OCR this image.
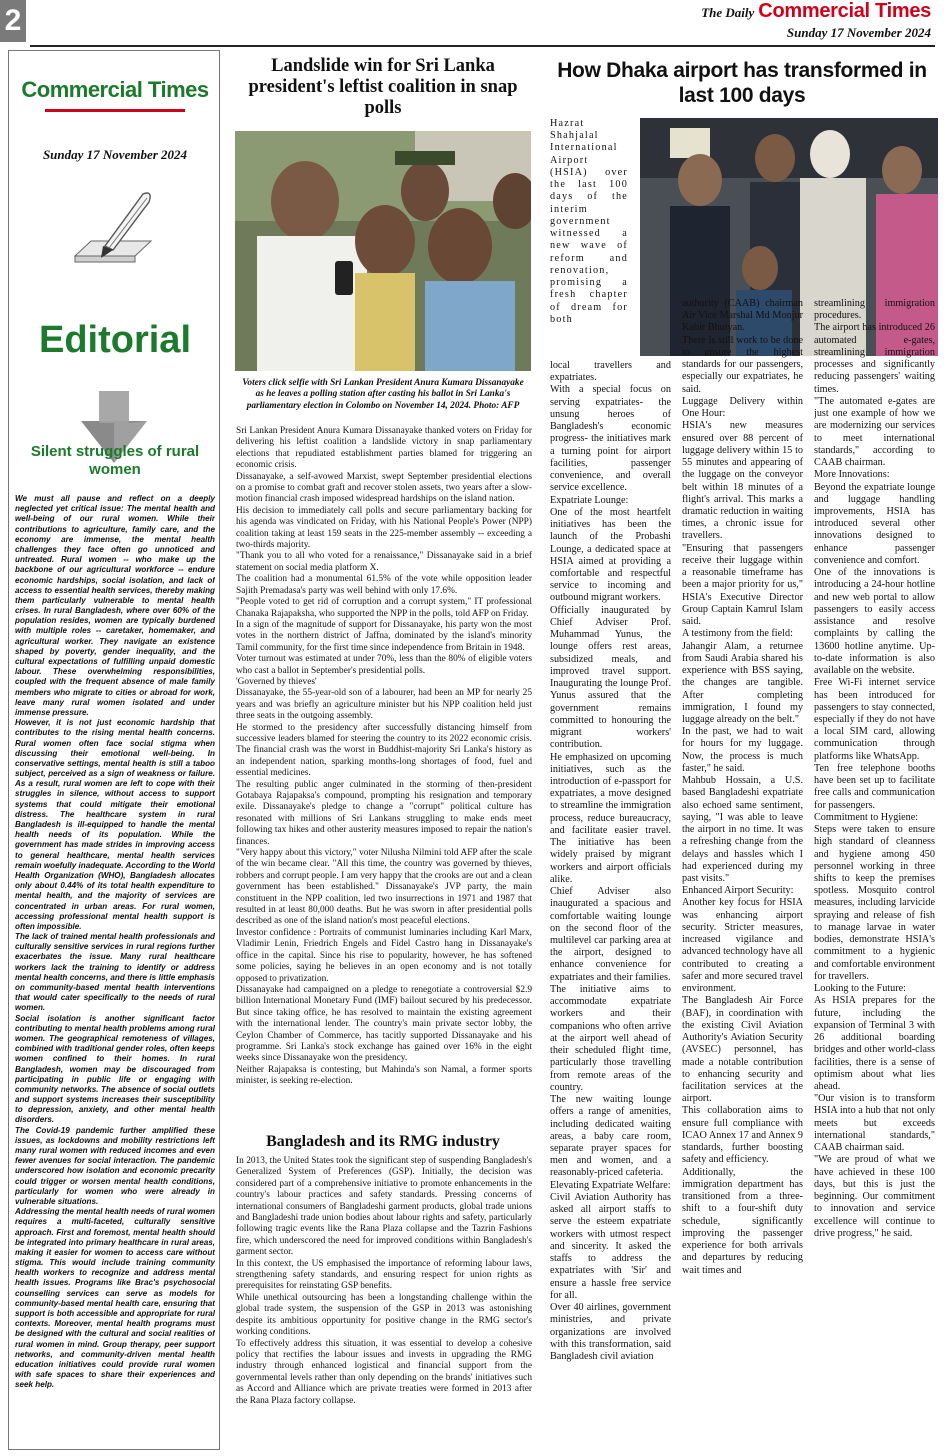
2	The Daily Commercial Times
Sunday 17 November 2024
Commercial Times
Sunday 17 November 2024
Editorial
Silent struggles of rural women

We must all pause and reflect on a deeply neglected yet critical issue: The mental health and well-being of our rural women. While their contributions to agriculture, family care, and the economy are immense, the mental health challenges they face often go unnoticed and untreated. Rural women -- who make up the backbone of our agricultural workforce -- endure economic hardships, social isolation, and lack of access to essential health services, thereby making them particularly vulnerable to mental health crises. In rural Bangladesh, where over 60% of the population resides, women are typically burdened with multiple roles -- caretaker, homemaker, and agricultural worker. They navigate an existence shaped by poverty, gender inequality, and the cultural expectations of fulfilling unpaid domestic labour. These overwhelming responsibilities, coupled with the frequent absence of male family members who migrate to cities or abroad for work, leave many rural women isolated and under immense pressure.

However, it is not just economic hardship that contributes to the rising mental health concerns. Rural women often face social stigma when discussing their emotional well-being. In conservative settings, mental health is still a taboo subject, perceived as a sign of weakness or failure. As a result, rural women are left to cope with their struggles in silence, without access to support systems that could mitigate their emotional distress. The healthcare system in rural Bangladesh is ill-equipped to handle the mental health needs of its population. While the government has made strides in improving access to general healthcare, mental health services remain woefully inadequate. According to the World Health Organization (WHO), Bangladesh allocates only about 0.44% of its total health expenditure to mental health, and the majority of services are concentrated in urban areas. For rural women, accessing professional mental health support is often impossible.

The lack of trained mental health professionals and culturally sensitive services in rural regions further exacerbates the issue. Many rural healthcare workers lack the training to identify or address mental health concerns, and there is little emphasis on community-based mental health interventions that would cater specifically to the needs of rural women.

Social isolation is another significant factor contributing to mental health problems among rural women. The geographical remoteness of villages, combined with traditional gender roles, often keeps women confined to their homes. In rural Bangladesh, women may be discouraged from participating in public life or engaging with community networks. The absence of social outlets and support systems increases their susceptibility to depression, anxiety, and other mental health disorders.

The Covid-19 pandemic further amplified these issues, as lockdowns and mobility restrictions left many rural women with reduced incomes and even fewer avenues for social interaction. The pandemic underscored how isolation and economic precarity could trigger or worsen mental health conditions, particularly for women who were already in vulnerable situations.

Addressing the mental health needs of rural women requires a multi-faceted, culturally sensitive approach. First and foremost, mental health should be integrated into primary healthcare in rural areas, making it easier for women to access care without stigma. This would include training community health workers to recognize and address mental health issues. Programs like Brac's psychosocial counselling services can serve as models for community-based mental health care, ensuring that support is both accessible and appropriate for rural contexts. Moreover, mental health programs must be designed with the cultural and social realities of rural women in mind. Group therapy, peer support networks, and community-driven mental health education initiatives could provide rural women with safe spaces to share their experiences and seek help.

Landslide win for Sri Lanka president's leftist coalition in snap polls
Voters click selfie with Sri Lankan President Anura Kumara Dissanayake as he leaves a polling station after casting his ballot in Sri Lanka's parliamentary election in Colombo on November 14, 2024. Photo: AFP

Sri Lankan President Anura Kumara Dissanayake thanked voters on Friday for delivering his leftist coalition a landslide victory in snap parliamentary elections that repudiated establishment parties blamed for triggering an economic crisis.

Dissanayake, a self-avowed Marxist, swept September presidential elections on a promise to combat graft and recover stolen assets, two years after a slow-motion financial crash imposed widespread hardships on the island nation.

His decision to immediately call polls and secure parliamentary backing for his agenda was vindicated on Friday, with his National People's Power (NPP) coalition taking at least 159 seats in the 225-member assembly -- exceeding a two-thirds majority.

"Thank you to all who voted for a renaissance," Dissanayake said in a brief statement on social media platform X.

The coalition had a monumental 61.5% of the vote while opposition leader Sajith Premadasa's party was well behind with only 17.6%.

"People voted to get rid of corruption and a corrupt system," IT professional Chanaka Rajapaksha, who supported the NPP in the polls, told AFP on Friday.

In a sign of the magnitude of support for Dissanayake, his party won the most votes in the northern district of Jaffna, dominated by the island's minority Tamil community, for the first time since independence from Britain in 1948.

Voter turnout was estimated at under 70%, less than the 80% of eligible voters who cast a ballot in September's presidential polls.

'Governed by thieves'

Dissanayake, the 55-year-old son of a labourer, had been an MP for nearly 25 years and was briefly an agriculture minister but his NPP coalition held just three seats in the outgoing assembly.

He stormed to the presidency after successfully distancing himself from successive leaders blamed for steering the country to its 2022 economic crisis. The financial crash was the worst in Buddhist-majority Sri Lanka's history as an independent nation, sparking months-long shortages of food, fuel and essential medicines.

The resulting public anger culminated in the storming of then-president Gotabaya Rajapaksa's compound, prompting his resignation and temporary exile. Dissanayake's pledge to change a "corrupt" political culture has resonated with millions of Sri Lankans struggling to make ends meet following tax hikes and other austerity measures imposed to repair the nation's finances.

"Very happy about this victory," voter Nilusha Nilmini told AFP after the scale of the win became clear. "All this time, the country was governed by thieves, robbers and corrupt people. I am very happy that the crooks are out and a clean government has been established." Dissanayake's JVP party, the main constituent in the NPP coalition, led two insurrections in 1971 and 1987 that resulted in at least 80,000 deaths. But he was sworn in after presidential polls described as one of the island nation's most peaceful elections.

Investor confidence : Portraits of communist luminaries including Karl Marx, Vladimir Lenin, Friedrich Engels and Fidel Castro hang in Dissanayake's office in the capital. Since his rise to popularity, however, he has softened some policies, saying he believes in an open economy and is not totally opposed to privatization.

Dissanayake had campaigned on a pledge to renegotiate a controversial $2.9 billion International Monetary Fund (IMF) bailout secured by his predecessor. But since taking office, he has resolved to maintain the existing agreement with the international lender. The country's main private sector lobby, the Ceylon Chamber of Commerce, has tacitly supported Dissanayake and his programme. Sri Lanka's stock exchange has gained over 16% in the eight weeks since Dissanayake won the presidency.

Neither Rajapaksa is contesting, but Mahinda's son Namal, a former sports minister, is seeking re-election.

Bangladesh and its RMG industry

In 2013, the United States took the significant step of suspending Bangladesh's Generalized System of Preferences (GSP). Initially, the decision was considered part of a comprehensive initiative to promote enhancements in the country's labour practices and safety standards. Pressing concerns of international consumers of Bangladeshi garment products, global trade unions and Bangladeshi trade union bodies about labour rights and safety, particularly following tragic events like the Rana Plaza collapse and the Tazrin Fashions fire, which underscored the need for improved conditions within Bangladesh's garment sector.

In this context, the US emphasised the importance of reforming labour laws, strengthening safety standards, and ensuring respect for union rights as prerequisites for reinstating GSP benefits.

While unethical outsourcing has been a longstanding challenge within the global trade system, the suspension of the GSP in 2013 was astonishing despite its ambitious opportunity for positive change in the RMG sector's working conditions.

To effectively address this situation, it was essential to develop a cohesive policy that rectifies the labour issues and invests in upgrading the RMG industry through enhanced logistical and financial support from the governmental levels rather than only depending on the brands' initiatives such as Accord and Alliance which are private treaties were formed in 2013 after the Rana Plaza factory collapse.

How Dhaka airport has transformed in last 100 days
Hazrat Shahjalal International Airport (HSIA) over the last 100 days of the interim government witnessed a new wave of reform and renovation, promising a fresh chapter of dream for both

local travellers and expatriates.

With a special focus on serving expatriates- the unsung heroes of Bangladesh's economic progress- the initiatives mark a turning point for airport facilities, passenger convenience, and overall service excellence.

Expatriate Lounge:

One of the most heartfelt initiatives has been the launch of the Probashi Lounge, a dedicated space at HSIA aimed at providing a comfortable and respectful service to incoming and outbound migrant workers.

Officially inaugurated by Chief Adviser Prof. Muhammad Yunus, the lounge offers rest areas, subsidized meals, and improved travel support. Inaugurating the lounge Prof. Yunus assured that the government remains committed to honouring the migrant workers' contribution.

He emphasized on upcoming initiatives, such as the introduction of e-passport for expatriates, a move designed to streamline the immigration process, reduce bureaucracy, and facilitate easier travel. The initiative has been widely praised by migrant workers and airport officials alike.

Chief Adviser also inaugurated a spacious and comfortable waiting lounge on the second floor of the multilevel car parking area at the airport, designed to enhance convenience for expatriates and their families.

The initiative aims to accommodate expatriate workers and their companions who often arrive at the airport well ahead of their scheduled flight time, particularly those travelling from remote areas of the country.

The new waiting lounge offers a range of amenities, including dedicated waiting areas, a baby care room, separate prayer spaces for men and women, and a reasonably-priced cafeteria.

Elevating Expatriate Welfare:

Civil Aviation Authority has asked all airport staffs to serve the esteem expatriate workers with utmost respect and sincerity. It asked the staffs to address the expatriates with 'Sir' and ensure a hassle free service for all.

Over 40 airlines, government ministries, and private organizations are involved with this transformation, said Bangladesh civil aviation

authority (CAAB) chairman Air Vice Marshal Md Monjur Kabir Bhuiyan.

There is still work to be done to ensure the highest standards for our passengers, especially our expatriates, he said.

Luggage Delivery within One Hour:

HSIA's new measures ensured over 88 percent of luggage delivery within 15 to 55 minutes and appearing of the luggage on the conveyor belt within 18 minutes of a flight's arrival. This marks a dramatic reduction in waiting times, a chronic issue for travellers.

"Ensuring that passengers receive their luggage within a reasonable timeframe has been a major priority for us," HSIA's Executive Director Group Captain Kamrul Islam said.

A testimony from the field:

Jahangir Alam, a returnee from Saudi Arabia shared his experience with BSS saying, the changes are tangible. After completing immigration, I found my luggage already on the belt."

In the past, we had to wait for hours for my luggage. Now, the process is much faster," he said.

Mahbub Hossain, a U.S. based Bangladeshi expatriate also echoed same sentiment, saying, "I was able to leave the airport in no time. It was a refreshing change from the delays and hassles which I had experienced during my past visits."

Enhanced Airport Security:

Another key focus for HSIA was enhancing airport security. Stricter measures, increased vigilance and advanced technology have all contributed to creating a safer and more secured travel environment.

The Bangladesh Air Force (BAF), in coordination with the existing Civil Aviation Authority's Aviation Security (AVSEC) personnel, has made a notable contribution to enhancing security and facilitation services at the airport.

This collaboration aims to ensure full compliance with ICAO Annex 17 and Annex 9 standards, further boosting safety and efficiency.

Additionally, the immigration department has transitioned from a three-shift to a four-shift duty schedule, significantly improving the passenger experience for both arrivals and departures by reducing wait times and

streamlining immigration procedures.

The airport has introduced 26 automated e-gates, streamlining immigration processes and significantly reducing passengers' waiting times.

"The automated e-gates are just one example of how we are modernizing our services to meet international standards," according to CAAB chairman.

More Innovations:

Beyond the expatriate lounge and luggage handling improvements, HSIA has introduced several other innovations designed to enhance passenger convenience and comfort.

One of the innovations is introducing a 24-hour hotline and new web portal to allow passengers to easily access assistance and resolve complaints by calling the 13600 hotline anytime. Up-to-date information is also available on the website.

Free Wi-Fi internet service has been introduced for passengers to stay connected, especially if they do not have a local SIM card, allowing communication through platforms like WhatsApp.

Ten free telephone booths have been set up to facilitate free calls and communication for passengers.

Commitment to Hygiene:

Steps were taken to ensure high standard of cleanness and hygiene among 450 personnel working in three shifts to keep the premises spotless. Mosquito control measures, including larvicide spraying and release of fish to manage larvae in water bodies, demonstrate HSIA's commitment to a hygienic and comfortable environment for travellers.

Looking to the Future:

As HSIA prepares for the future, including the expansion of Terminal 3 with 26 additional boarding bridges and other world-class facilities, there is a sense of optimism about what lies ahead.

"Our vision is to transform HSIA into a hub that not only meets but exceeds international standards," CAAB chairman said.

"We are proud of what we have achieved in these 100 days, but this is just the beginning. Our commitment to innovation and service excellence will continue to drive progress," he said.
